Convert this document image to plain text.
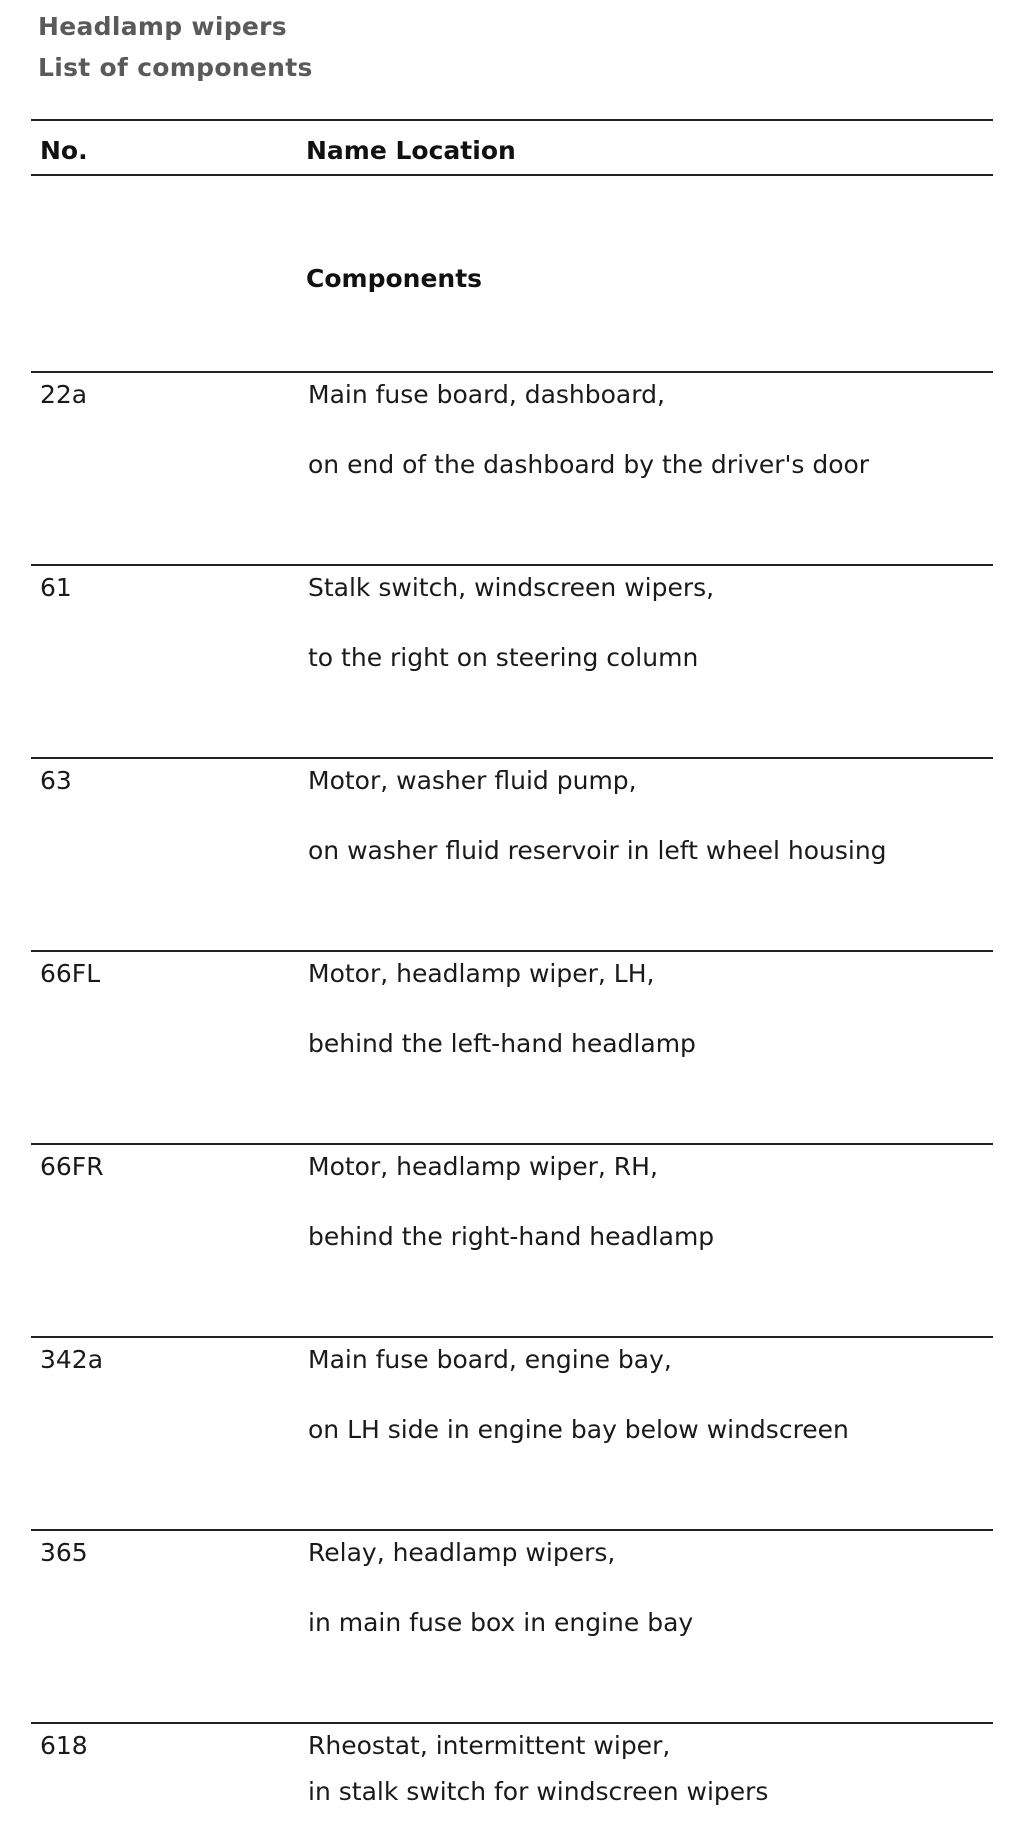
Headlamp wipers
List of components
No.	Name Location
Components
22a	Main fuse board, dashboard,
on end of the dashboard by the driver's door
61	Stalk switch, windscreen wipers,
to the right on steering column
63	Motor, washer fluid pump,
on washer fluid reservoir in left wheel housing
66FL	Motor, headlamp wiper, LH,
behind the left-hand headlamp
66FR	Motor, headlamp wiper, RH,
behind the right-hand headlamp
342a	Main fuse board, engine bay,
on LH side in engine bay below windscreen
365	Relay, headlamp wipers,
in main fuse box in engine bay
618	Rheostat, intermittent wiper,
in stalk switch for windscreen wipers
